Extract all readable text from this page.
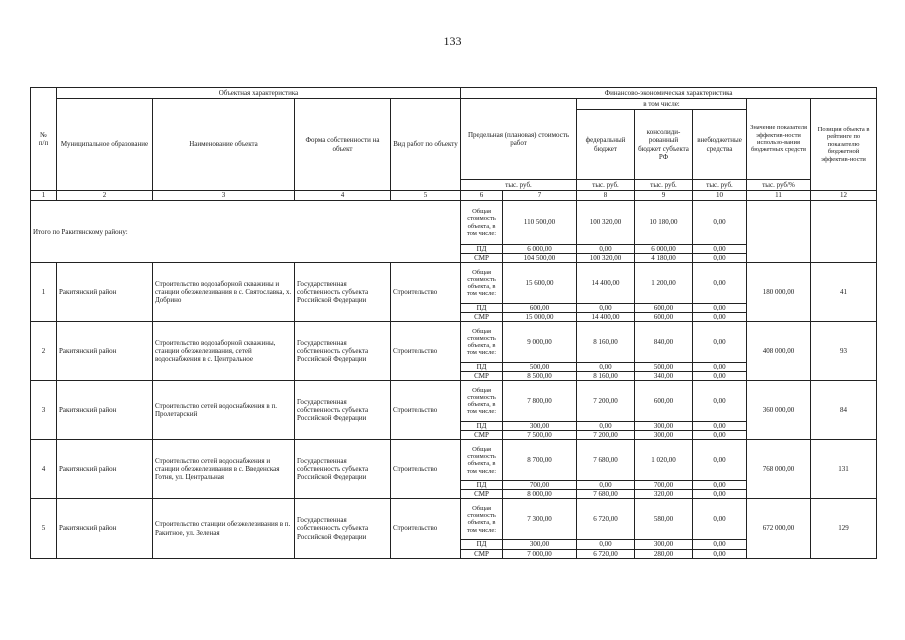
133
№
п/п	Объектная характеристика				Финансово-экономическая характеристика						
	Муниципальное образование	Наименование объекта	Форма собственности на объект	Вид работ по объекту	Предельная (плановая) стоимость работ		в том числе:			Значение показателя эффектив-ности использо-вания бюджетных средств	Позиция объекта в рейтинге по показателю бюджетной эффектив-ности
							федеральный бюджет	консолиди-рованный бюджет субъекта РФ	внебюджетные средства		
					тыс. руб.		тыс. руб.	тыс. руб.	тыс. руб.	тыс. руб/%	
1	2	3	4	5	6	7	8	9	10	11	12
Итого по Ракитянскому району:					Общая стоимость объекта, в том числе:	110 500,00	100 320,00	10 180,00	0,00		
					ПД	6 000,00	0,00	6 000,00	0,00		
					СМР	104 500,00	100 320,00	4 180,00	0,00		
1	Ракитянский район	Строительство водозаборной скважины и станции обезжелезивания в с. Святославка, х. Добрино	Государственная собственность субъекта Российской Федерации	Строительство	Общая стоимость объекта, в том числе:	15 600,00	14 400,00	1 200,00	0,00	180 000,00	41
					ПД	600,00	0,00	600,00	0,00		
					СМР	15 000,00	14 400,00	600,00	0,00		
2	Ракитянский район	Строительство водозаборной скважины, станции обезжелезивания, сетей водоснабжения в с. Центральное	Государственная собственность субъекта Российской Федерации	Строительство	Общая стоимость объекта, в том числе:	9 000,00	8 160,00	840,00	0,00	408 000,00	93
					ПД	500,00	0,00	500,00	0,00		
					СМР	8 500,00	8 160,00	340,00	0,00		
3	Ракитянский район	Строительство сетей водоснабжения в п. Пролетарский	Государственная собственность субъекта Российской Федерации	Строительство	Общая стоимость объекта, в том числе:	7 800,00	7 200,00	600,00	0,00	360 000,00	84
					ПД	300,00	0,00	300,00	0,00		
					СМР	7 500,00	7 200,00	300,00	0,00		
4	Ракитянский район	Строительство сетей водоснабжения и станции обезжелезивания в с. Введенская Готня, ул. Центральная	Государственная собственность субъекта Российской Федерации	Строительство	Общая стоимость объекта, в том числе:	8 700,00	7 680,00	1 020,00	0,00	768 000,00	131
					ПД	700,00	0,00	700,00	0,00		
					СМР	8 000,00	7 680,00	320,00	0,00		
5	Ракитянский район	Строительство станции обезжелезивания в п. Ракитное, ул. Зеленая	Государственная собственность субъекта Российской Федерации	Строительство	Общая стоимость объекта, в том числе:	7 300,00	6 720,00	580,00	0,00	672 000,00	129
					ПД	300,00	0,00	300,00	0,00		
					СМР	7 000,00	6 720,00	280,00	0,00		
